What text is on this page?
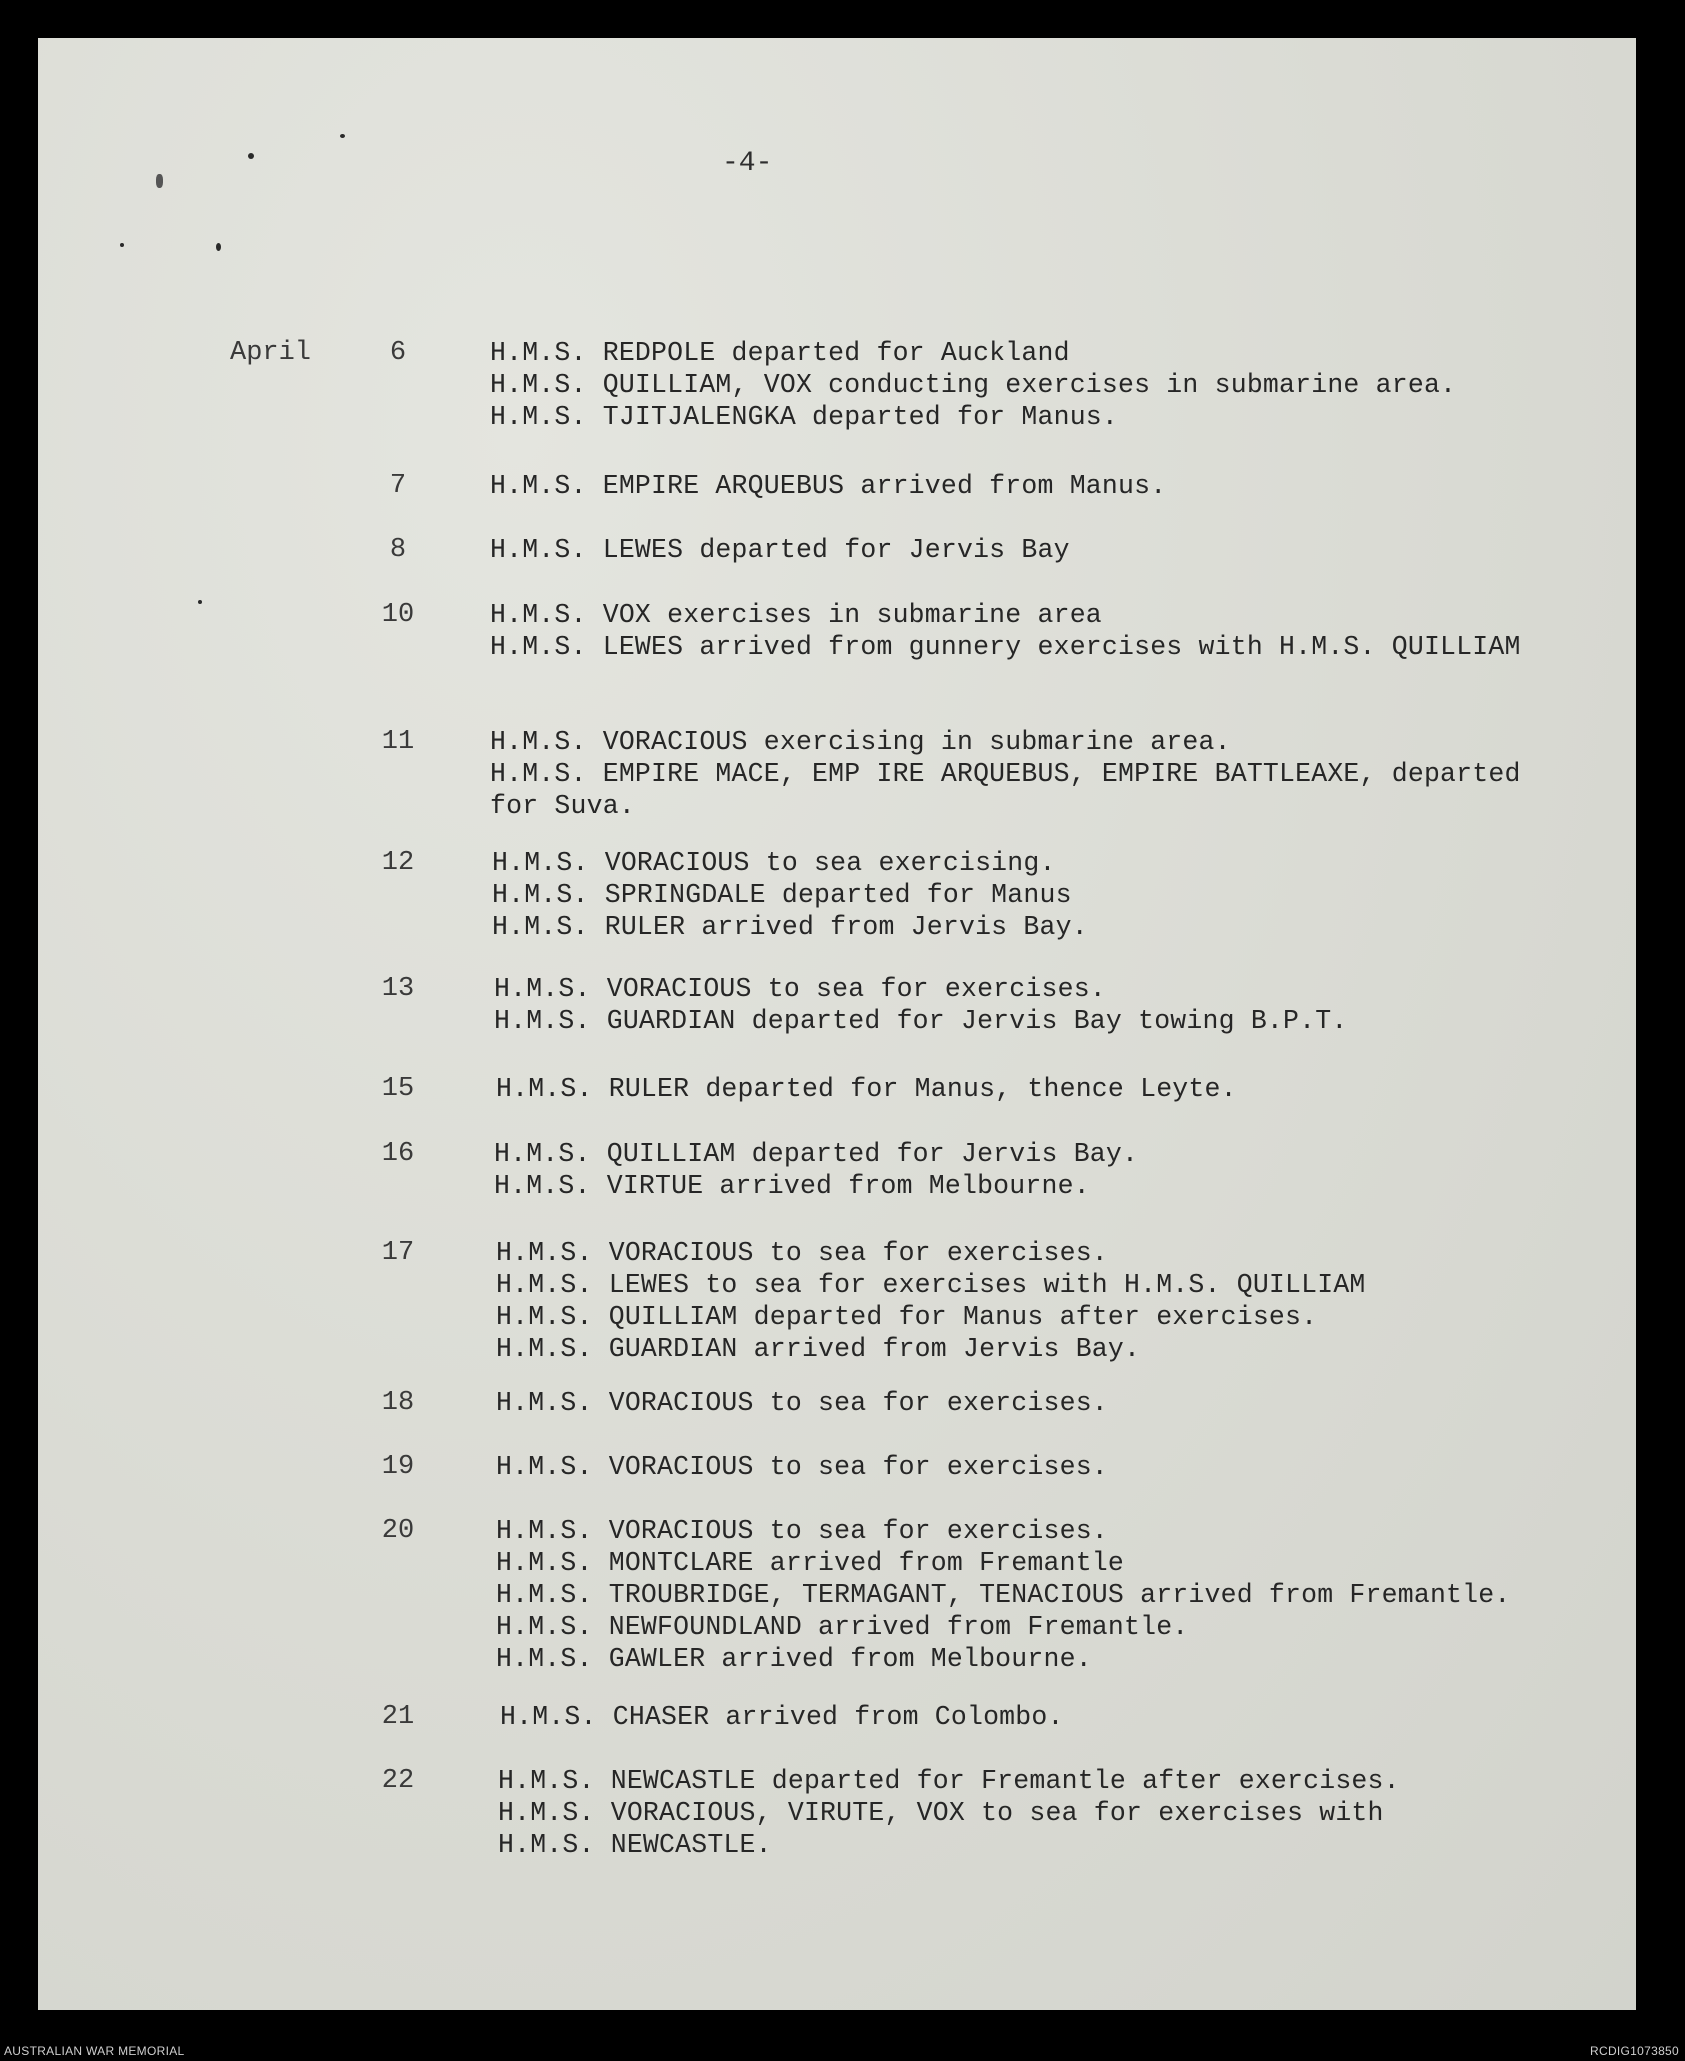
-4-
April	6	H.M.S. REDPOLE departed for Auckland
H.M.S. QUILLIAM, VOX conducting exercises in submarine area.
H.M.S. TJITJALENGKA departed for Manus.
7	H.M.S. EMPIRE ARQUEBUS arrived from Manus.
8	H.M.S. LEWES departed for Jervis Bay
10	H.M.S. VOX exercises in submarine area
H.M.S. LEWES arrived from gunnery exercises with H.M.S. QUILLIAM
11	H.M.S. VORACIOUS exercising in submarine area.
H.M.S. EMPIRE MACE, EMP IRE ARQUEBUS, EMPIRE BATTLEAXE, departed
for Suva.
12	H.M.S. VORACIOUS to sea exercising.
H.M.S. SPRINGDALE departed for Manus
H.M.S. RULER arrived from Jervis Bay.
13	H.M.S. VORACIOUS to sea for exercises.
H.M.S. GUARDIAN departed for Jervis Bay towing B.P.T.
15	H.M.S. RULER departed for Manus, thence Leyte.
16	H.M.S. QUILLIAM departed for Jervis Bay.
H.M.S. VIRTUE arrived from Melbourne.
17	H.M.S. VORACIOUS to sea for exercises.
H.M.S. LEWES to sea for exercises with H.M.S. QUILLIAM
H.M.S. QUILLIAM departed for Manus after exercises.
H.M.S. GUARDIAN arrived from Jervis Bay.
18	H.M.S. VORACIOUS to sea for exercises.
19	H.M.S. VORACIOUS to sea for exercises.
20	H.M.S. VORACIOUS to sea for exercises.
H.M.S. MONTCLARE arrived from Fremantle
H.M.S. TROUBRIDGE, TERMAGANT, TENACIOUS arrived from Fremantle.
H.M.S. NEWFOUNDLAND arrived from Fremantle.
H.M.S. GAWLER arrived from Melbourne.
21	H.M.S. CHASER arrived from Colombo.
22	H.M.S. NEWCASTLE departed for Fremantle after exercises.
H.M.S. VORACIOUS, VIRUTE, VOX to sea for exercises with
H.M.S. NEWCASTLE.
AUSTRALIAN WAR MEMORIAL	RCDIG1073850
